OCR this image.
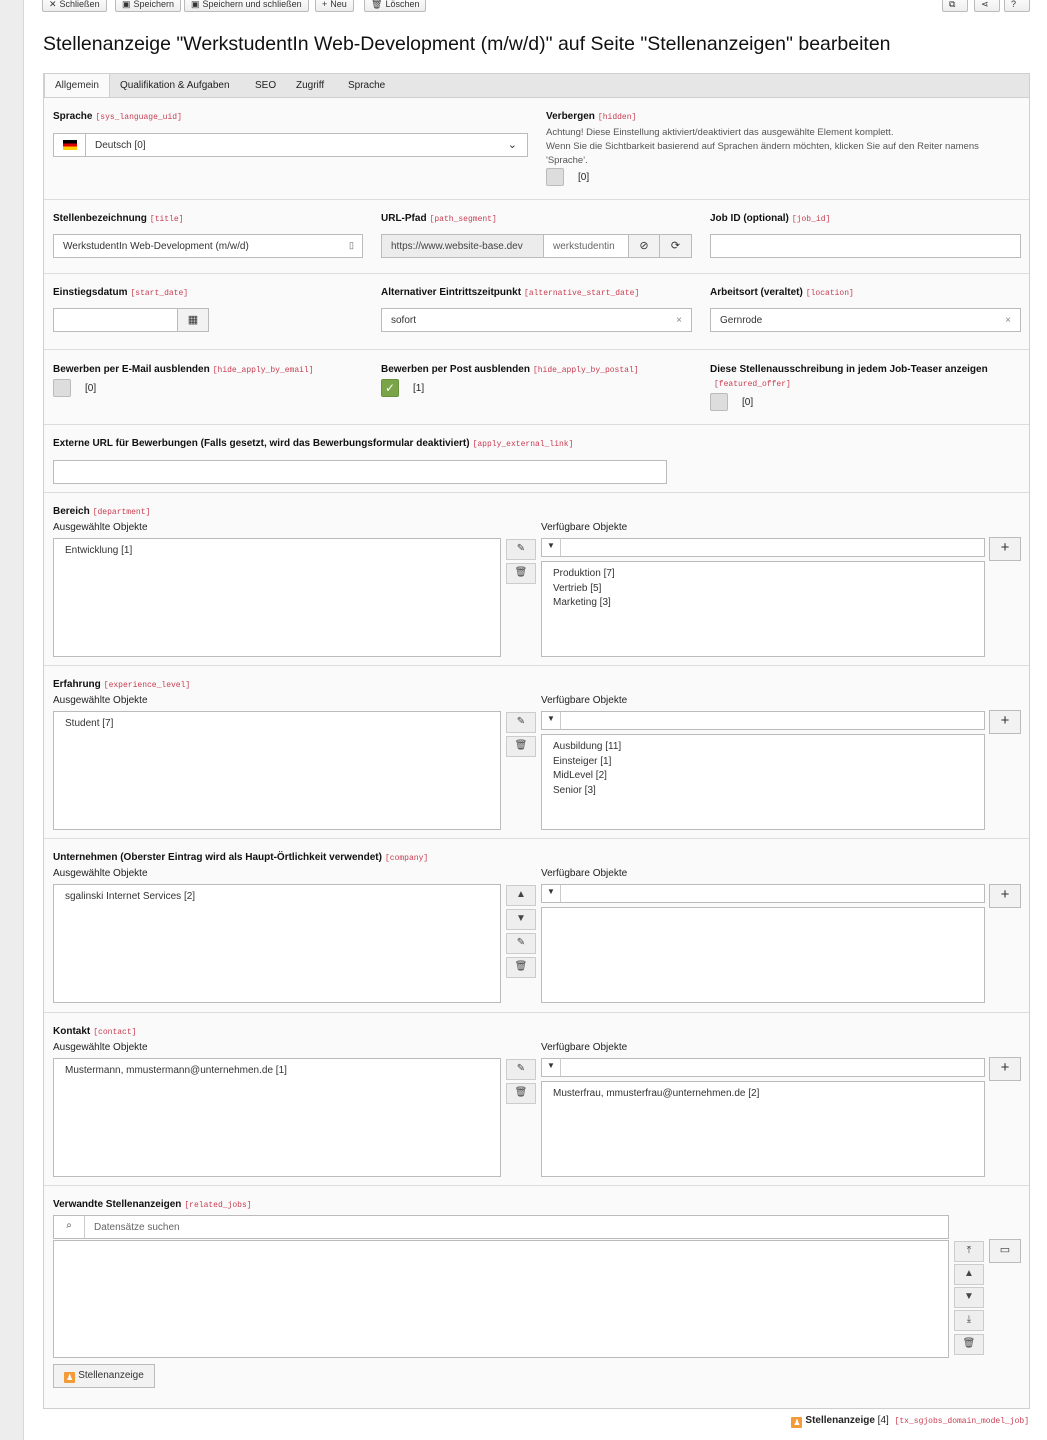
✕ Schließen	▣ Speichern	▣ Speichern und schließen	+ Neu	🗑 Löschen	⧉	⋖	?
Stellenanzeige "WerkstudentIn Web-Development (m/w/d)" auf Seite "Stellenanzeigen" bearbeiten
Allgemein	Qualifikation & Aufgaben	SEO	Zugriff	Sprache
Sprache [sys_language_uid]
Deutsch [0]	⌄
Verbergen [hidden]
Achtung! Diese Einstellung aktiviert/deaktiviert das ausgewählte Element komplett.
Wenn Sie die Sichtbarkeit basierend auf Sprachen ändern möchten, klicken Sie auf den Reiter namens
'Sprache'.
[0]
Stellenbezeichnung [title]
WerkstudentIn Web-Development (m/w/d)	▯
URL-Pfad [path_segment]
https://www.website-base.dev	werkstudentin	⊘	⟳
Job ID (optional) [job_id]
Einstiegsdatum [start_date]
▦
Alternativer Eintrittszeitpunkt [alternative_start_date]
sofort	×
Arbeitsort (veraltet) [location]
Gernrode	×
Bewerben per E-Mail ausblenden [hide_apply_by_email]
[0]
Bewerben per Post ausblenden [hide_apply_by_postal]
✓	[1]
Diese Stellenausschreibung in jedem Job-Teaser anzeigen
[featured_offer]
[0]
Externe URL für Bewerbungen (Falls gesetzt, wird das Bewerbungsformular deaktiviert) [apply_external_link]
Bereich [department]
Ausgewählte Objekte
Entwicklung [1]	✎
🗑
Verfügbare Objekte
▼	+
Produktion [7]
Vertrieb [5]
Marketing [3]
Erfahrung [experience_level]
Ausgewählte Objekte
Student [7]	✎
🗑
Verfügbare Objekte
▼	+
Ausbildung [11]
Einsteiger [1]
MidLevel [2]
Senior [3]
Unternehmen (Oberster Eintrag wird als Haupt-Örtlichkeit verwendet) [company]
Ausgewählte Objekte
sgalinski Internet Services [2]	▲
▼
✎
🗑
Verfügbare Objekte
▼	+
Kontakt [contact]
Ausgewählte Objekte
Mustermann, mmustermann@unternehmen.de [1]	✎
🗑
Verfügbare Objekte
▼	+
Musterfrau, mmusterfrau@unternehmen.de [2]
Verwandte Stellenanzeigen [related_jobs]
⌕	Datensätze suchen
⤒
▲
▼
⤓
🗑
▭
♟ Stellenanzeige
♟ Stellenanzeige [4] [tx_sgjobs_domain_model_job]
